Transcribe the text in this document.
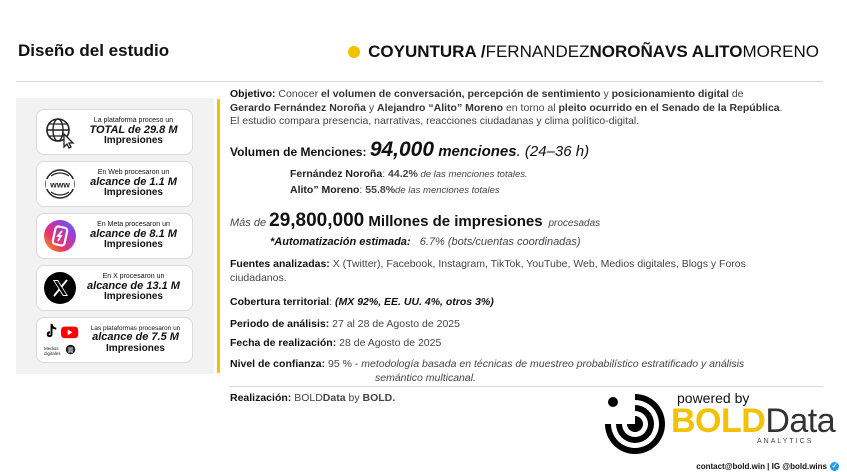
Diseño del estudio	COYUNTURA / FERNANDEZ NOROÑA VS ALITO MORENO
La plataforma proceso un
TOTAL de 29.8 M
Impresiones
www
En Web procesaron un
alcance de 1.1 M
Impresiones
En Meta procesaron un
alcance de 8.1 M
Impresiones
En X procesaron un
alcance de 13.1 M
Impresiones
Medios digitales
Las plataformas procesaron un
alcance de 7.5 M
Impresiones
Objetivo: Conocer el volumen de conversación, percepción de sentimiento y posicionamiento digital de Gerardo Fernández Noroña y Alejandro “Alito” Moreno en torno al pleito ocurrido en el Senado de la República. El estudio compara presencia, narrativas, reacciones ciudadanas y clima político-digital.
Volumen de Menciones: 94,000 menciones. (24–36 h)
Fernández Noroña: 44.2% de las menciones totales.
Alito” Moreno: 55.8%de las menciones totales
Más de 29,800,000 Millones de impresiones procesadas
*Automatización estimada: 6.7% (bots/cuentas coordinadas)
Fuentes analizadas: X (Twitter), Facebook, Instagram, TikTok, YouTube, Web, Medios digitales, Blogs y Foros ciudadanos.
Cobertura territorial: (MX 92%, EE. UU. 4%, otros 3%)
Periodo de análisis: 27 al 28 de Agosto de 2025
Fecha de realización: 28 de Agosto de 2025
Nivel de confianza: 95 % - metodología basada en técnicas de muestreo probabilístico estratificado y análisis
semántico multicanal.
Realización: BOLDData by BOLD.	powered by
BOLDData
ANALYTICS
contact@bold.win | IG @bold.wins ✓
